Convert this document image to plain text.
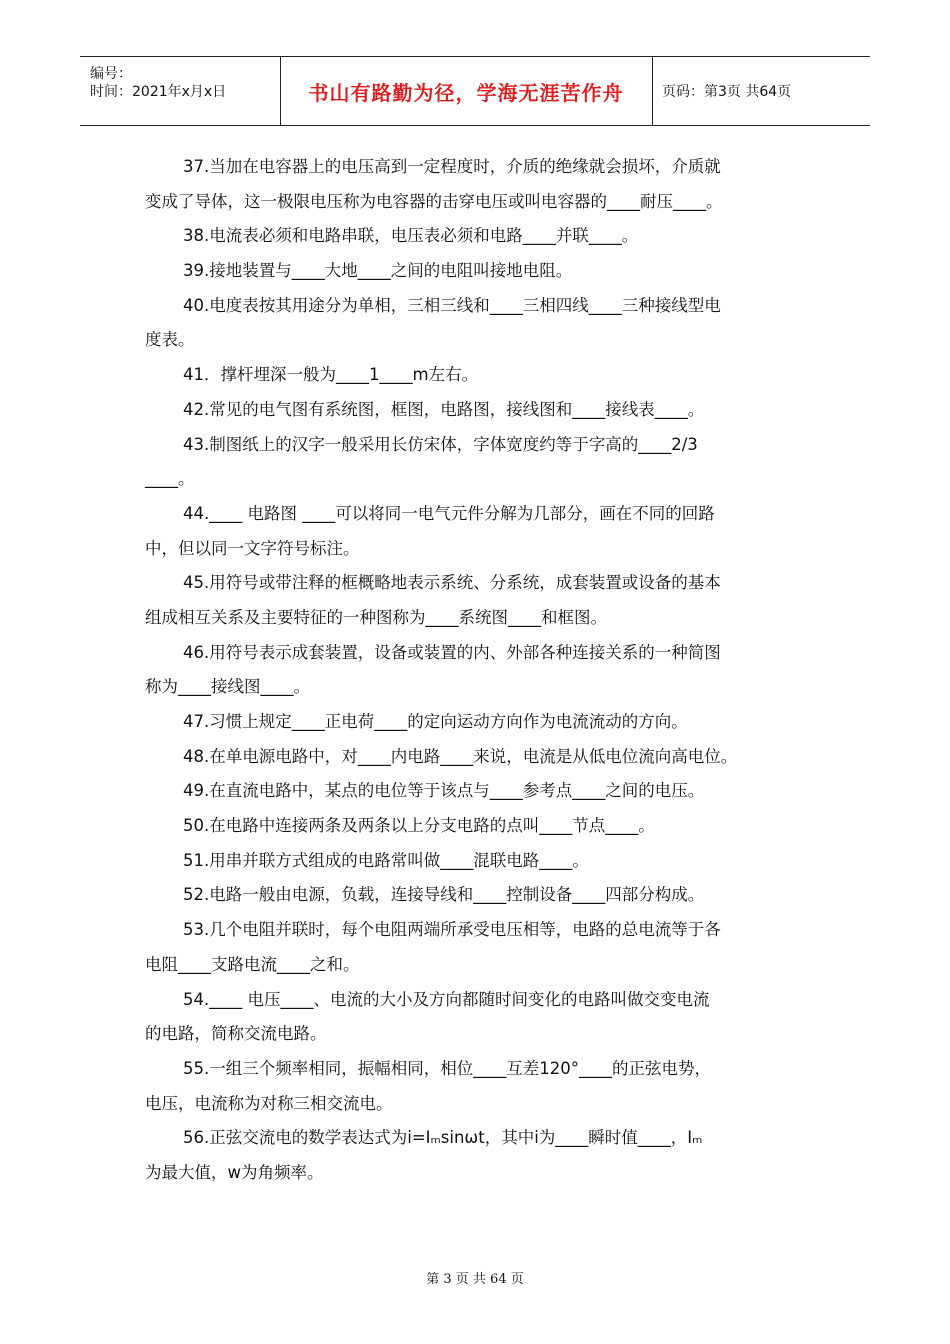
编号：
时间：2021年x月x日	书山有路勤为径，学海无涯苦作舟	页码：第3页 共64页
37.当加在电容器上的电压高到一定程度时，介质的绝缘就会损坏，介质就
变成了导体，这一极限电压称为电容器的击穿电压或叫电容器的____耐压____。
38.电流表必须和电路串联，电压表必须和电路____并联____。
39.接地装置与____大地____之间的电阻叫接地电阻。
40.电度表按其用途分为单相，三相三线和____三相四线____三种接线型电
度表。
41．撑杆埋深一般为____1____m左右。
42.常见的电气图有系统图，框图，电路图，接线图和____接线表____。
43.制图纸上的汉字一般采用长仿宋体，字体宽度约等于字高的____2/3
____。
44.____ 电路图 ____可以将同一电气元件分解为几部分，画在不同的回路
中，但以同一文字符号标注。
45.用符号或带注释的框概略地表示系统、分系统，成套装置或设备的基本
组成相互关系及主要特征的一种图称为____系统图____和框图。
46.用符号表示成套装置，设备或装置的内、外部各种连接关系的一种简图
称为____接线图____。
47.习惯上规定____正电荷____的定向运动方向作为电流流动的方向。
48.在单电源电路中，对____内电路____来说，电流是从低电位流向高电位。
49.在直流电路中，某点的电位等于该点与____参考点____之间的电压。
50.在电路中连接两条及两条以上分支电路的点叫____节点____。
51.用串并联方式组成的电路常叫做____混联电路____。
52.电路一般由电源，负载，连接导线和____控制设备____四部分构成。
53.几个电阻并联时，每个电阻两端所承受电压相等，电路的总电流等于各
电阻____支路电流____之和。
54.____ 电压____、电流的大小及方向都随时间变化的电路叫做交变电流
的电路，简称交流电路。
55.一组三个频率相同，振幅相同，相位____互差120°____的正弦电势，
电压，电流称为对称三相交流电。
56.正弦交流电的数学表达式为i=Iₘsinωt，其中i为____瞬时值____，Iₘ
为最大值，w为角频率。
第 3 页 共 64 页
